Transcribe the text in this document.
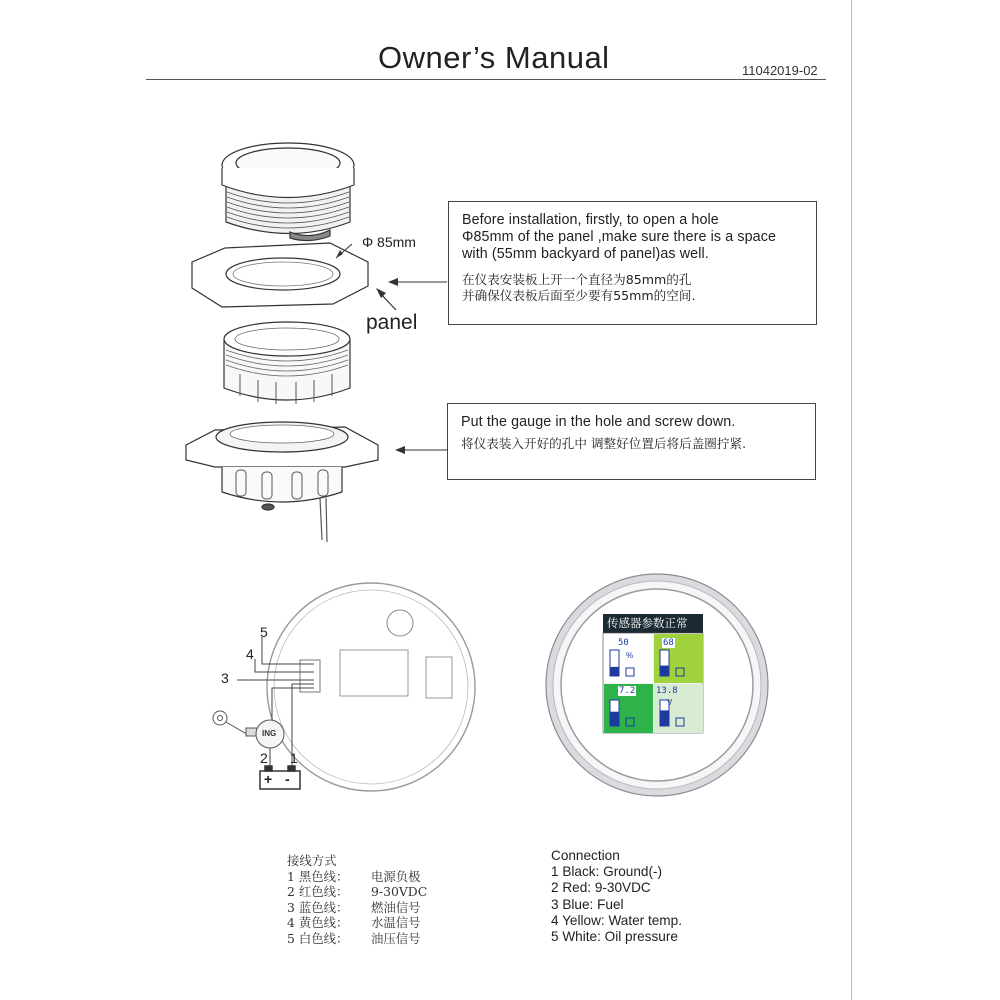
Owner’s Manual	11042019-02
Φ 85mm
panel
Before installation, firstly, to open a hole
Φ85mm of the panel ,make sure there is a space
with (55mm backyard of panel)as well.
在仪表安装板上开一个直径为85mm的孔
并确保仪表板后面至少要有55mm的空间.
Put the gauge in the hole and screw down.
将仪表装入开好的孔中 调整好位置后将后盖圈拧紧.
5
4
3
2 1
ING
+ -
传感器参数正常
50
%
68
7.2 13.8
V
接线方式
1 黑色线： 电源负极
2 红色线： 9-30VDC
3 蓝色线： 燃油信号
4 黄色线： 水温信号
5 白色线： 油压信号
Connection
1 Black: Ground(-)
2 Red: 9-30VDC
3 Blue: Fuel
4 Yellow: Water temp.
5 White: Oil pressure
